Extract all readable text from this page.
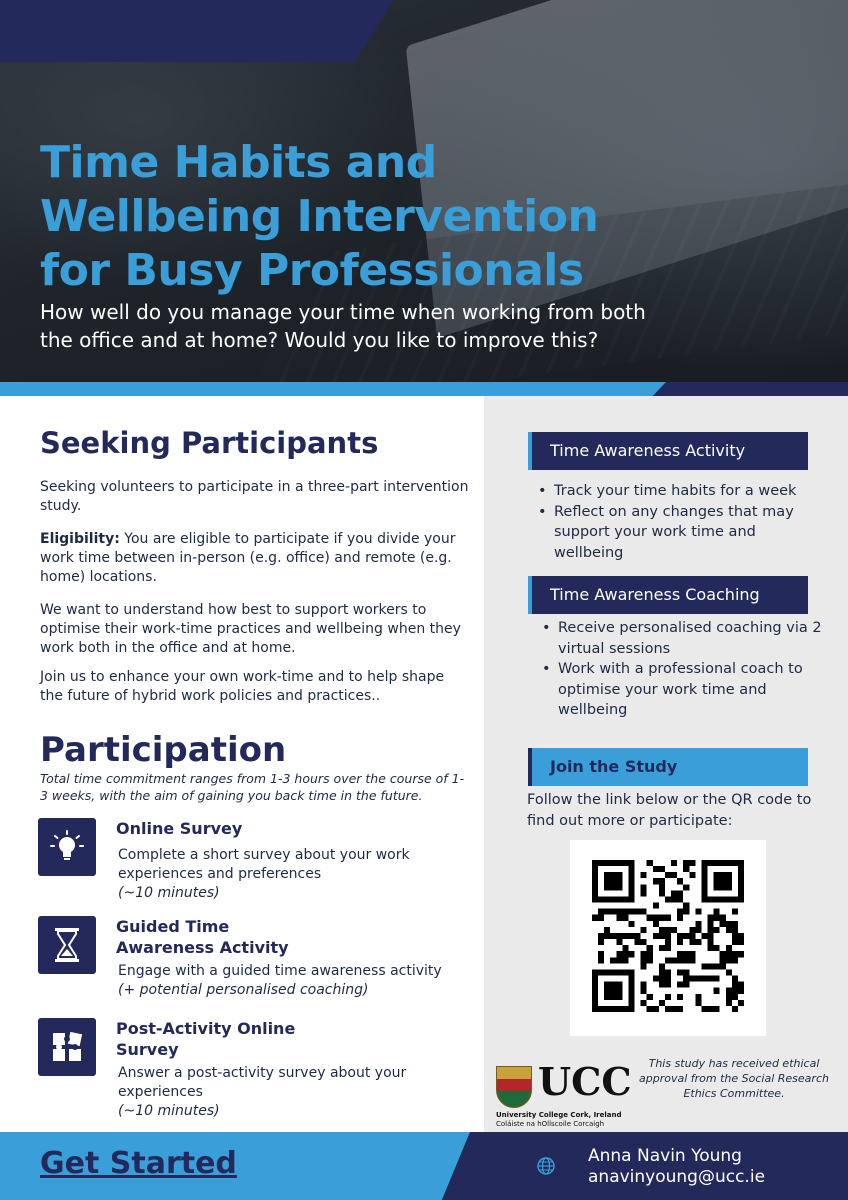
Time Habits and
Wellbeing Intervention
for Busy Professionals
How well do you manage your time when working from both
the office and at home? Would you like to improve this?
Seeking Participants

Seeking volunteers to participate in a three-part intervention study.

Eligibility: You are eligible to participate if you divide your work time between in-person (e.g. office) and remote (e.g. home) locations.

We want to understand how best to support workers to optimise their work-time practices and wellbeing when they work both in the office and at home.

Join us to enhance your own work-time and to help shape the future of hybrid work policies and practices..

Participation

Total time commitment ranges from 1-3 hours over the course of 1-3 weeks, with the aim of gaining you back time in the future.

Online Survey
Complete a short survey about your work experiences and preferences
(~10 minutes)
Guided Time
Awareness Activity
Engage with a guided time awareness activity
(+ potential personalised coaching)
Post-Activity Online
Survey
Answer a post-activity survey about your experiences
(~10 minutes)
Time Awareness Activity
• Track your time habits for a week
• Reflect on any changes that may support your work time and wellbeing
Time Awareness Coaching
• Receive personalised coaching via 2 virtual sessions
• Work with a professional coach to optimise your work time and wellbeing
Join the Study

Follow the link below or the QR code to find out more or participate:

UCC
University College Cork, Ireland
Coláiste na hOllscoile Corcaigh

This study has received ethical approval from the Social Research Ethics Committee.

Get Started	Anna Navin Young
anavinyoung@ucc.ie
